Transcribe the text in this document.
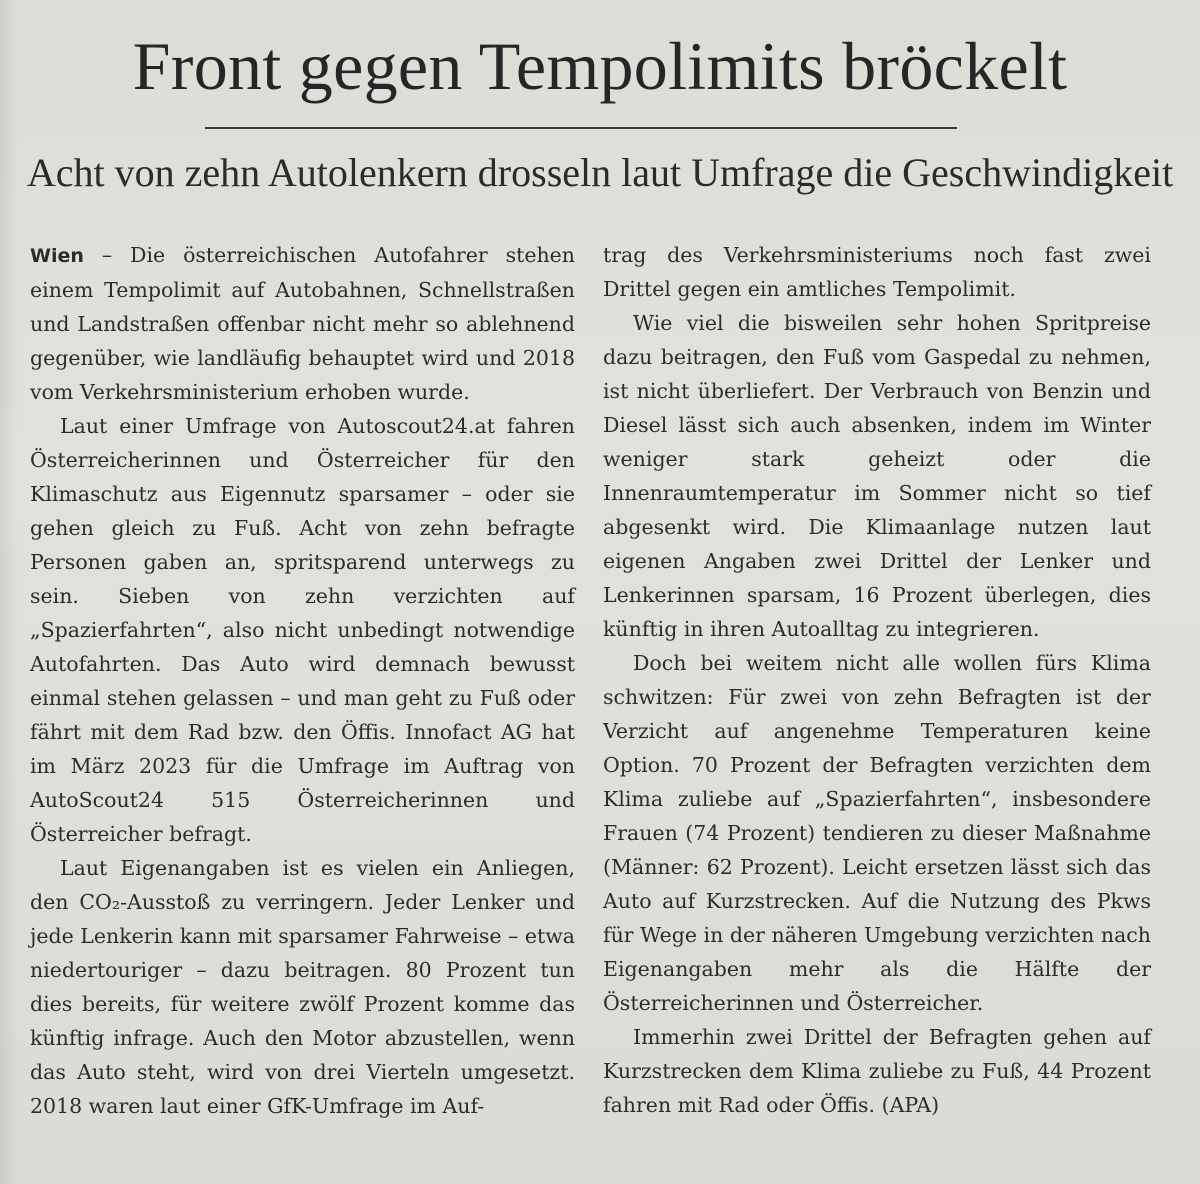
Front gegen Tempolimits bröckelt
Acht von zehn Autolenkern drosseln laut Umfrage die Geschwindigkeit

Wien – Die österreichischen Autofahrer stehen einem Tempolimit auf Autobahnen, Schnellstraßen und Landstraßen offenbar nicht mehr so ablehnend gegenüber, wie landläufig behauptet wird und 2018 vom Verkehrsministerium erhoben wurde.

Laut einer Umfrage von Autoscout24.at fahren Österreicherinnen und Österreicher für den Klimaschutz aus Eigennutz sparsamer – oder sie gehen gleich zu Fuß. Acht von zehn befragte Personen gaben an, spritsparend unterwegs zu sein. Sieben von zehn verzichten auf „Spazierfahrten“, also nicht unbedingt notwendige Autofahrten. Das Auto wird demnach bewusst einmal stehen gelassen – und man geht zu Fuß oder fährt mit dem Rad bzw. den Öffis. Innofact AG hat im März 2023 für die Umfrage im Auftrag von AutoScout24 515 Österreicherinnen und Österreicher befragt.

Laut Eigenangaben ist es vielen ein Anliegen, den CO₂-Ausstoß zu verringern. Jeder Lenker und jede Lenkerin kann mit sparsamer Fahrweise – etwa niedertouriger – dazu beitragen. 80 Prozent tun dies bereits, für weitere zwölf Prozent komme das künftig infrage. Auch den Motor abzustellen, wenn das Auto steht, wird von drei Vierteln umgesetzt. 2018 waren laut einer GfK-Umfrage im Auf-

trag des Verkehrsministeriums noch fast zwei Drittel gegen ein amtliches Tempolimit.

Wie viel die bisweilen sehr hohen Spritpreise dazu beitragen, den Fuß vom Gaspedal zu nehmen, ist nicht überliefert. Der Verbrauch von Benzin und Diesel lässt sich auch absenken, indem im Winter weniger stark geheizt oder die Innenraumtemperatur im Sommer nicht so tief abgesenkt wird. Die Klimaanlage nutzen laut eigenen Angaben zwei Drittel der Lenker und Lenkerinnen sparsam, 16 Prozent überlegen, dies künftig in ihren Autoalltag zu integrieren.

Doch bei weitem nicht alle wollen fürs Klima schwitzen: Für zwei von zehn Befragten ist der Verzicht auf angenehme Temperaturen keine Option. 70 Prozent der Befragten verzichten dem Klima zuliebe auf „Spazierfahrten“, insbesondere Frauen (74 Prozent) tendieren zu dieser Maßnahme (Männer: 62 Prozent). Leicht ersetzen lässt sich das Auto auf Kurzstrecken. Auf die Nutzung des Pkws für Wege in der näheren Umgebung verzichten nach Eigenangaben mehr als die Hälfte der Österreicherinnen und Österreicher.

Immerhin zwei Drittel der Befragten gehen auf Kurzstrecken dem Klima zuliebe zu Fuß, 44 Prozent fahren mit Rad oder Öffis. (APA)
